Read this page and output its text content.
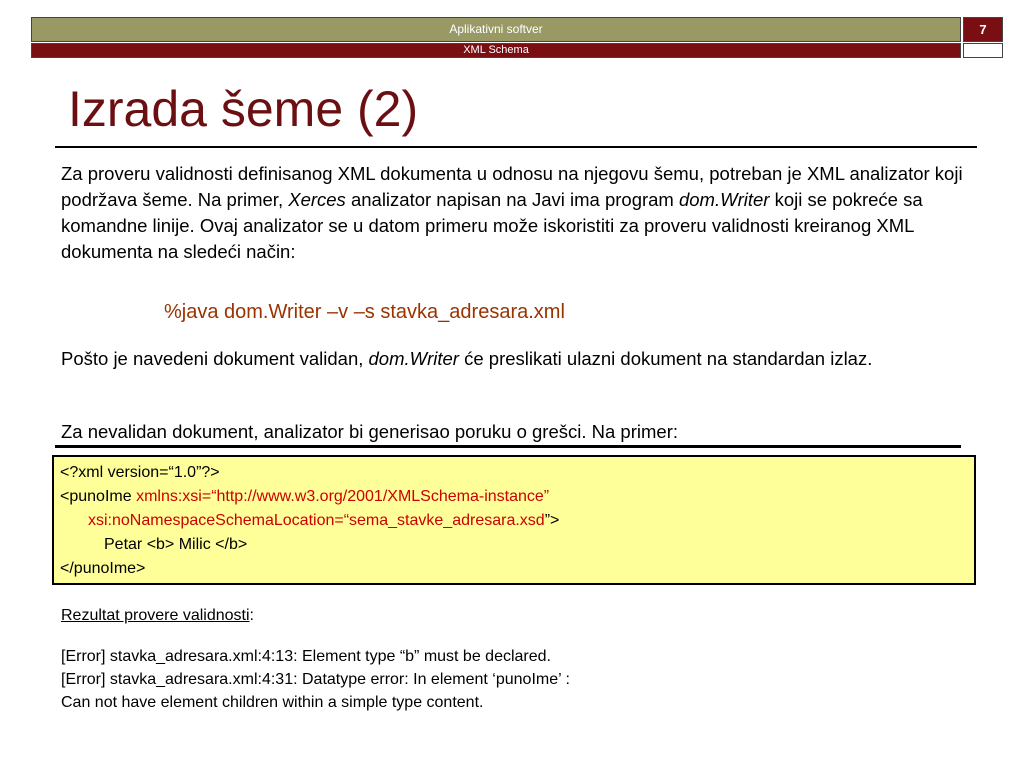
Aplikativni softver	7
XML Schema
Izrada šeme (2)
Za proveru validnosti definisanog XML dokumenta u odnosu na njegovu šemu, potreban je XML analizator koji podržava šeme. Na primer, Xerces analizator napisan na Javi ima program dom.Writer koji se pokreće sa komandne linije. Ovaj analizator se u datom primeru može iskoristiti za proveru validnosti kreiranog XML dokumenta na sledeći način:
%java dom.Writer –v –s stavka_adresara.xml
Pošto je navedeni dokument validan, dom.Writer će preslikati ulazni dokument na standardan izlaz.
Za nevalidan dokument, analizator bi generisao poruku o grešci. Na primer:
<?xml version=“1.0”?>
<punoIme xmlns:xsi=“http://www.w3.org/2001/XMLSchema-instance”
xsi:noNamespaceSchemaLocation=“sema_stavke_adresara.xsd”>
Petar <b> Milic </b>
</punoIme>
Rezultat provere validnosti:
[Error] stavka_adresara.xml:4:13: Element type “b” must be declared.
[Error] stavka_adresara.xml:4:31: Datatype error: In element ‘punoIme’ :
Can not have element children within a simple type content.
